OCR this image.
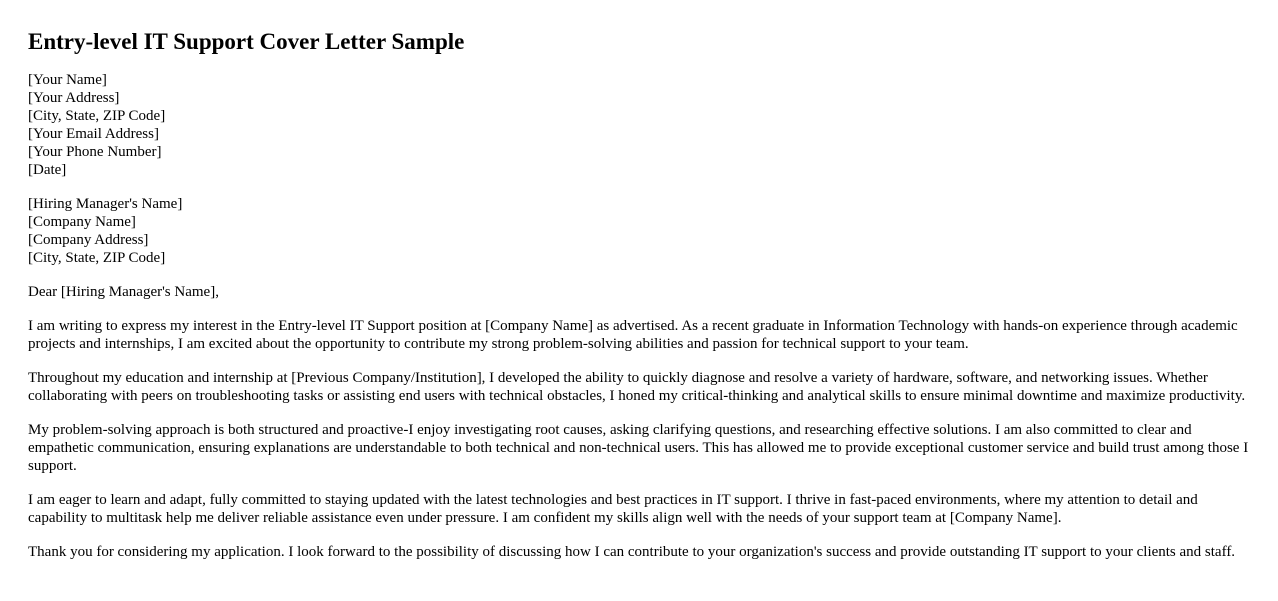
Entry-level IT Support Cover Letter Sample
[Your Name]
[Your Address]
[City, State, ZIP Code]
[Your Email Address]
[Your Phone Number]
[Date]
[Hiring Manager's Name]
[Company Name]
[Company Address]
[City, State, ZIP Code]

Dear [Hiring Manager's Name],

I am writing to express my interest in the Entry-level IT Support position at [Company Name] as advertised. As a recent graduate in Information Technology with hands-on experience through academic projects and internships, I am excited about the opportunity to contribute my strong problem-solving abilities and passion for technical support to your team.

Throughout my education and internship at [Previous Company/Institution], I developed the ability to quickly diagnose and resolve a variety of hardware, software, and networking issues. Whether collaborating with peers on troubleshooting tasks or assisting end users with technical obstacles, I honed my critical-thinking and analytical skills to ensure minimal downtime and maximize productivity.

My problem-solving approach is both structured and proactive-I enjoy investigating root causes, asking clarifying questions, and researching effective solutions. I am also committed to clear and empathetic communication, ensuring explanations are understandable to both technical and non-technical users. This has allowed me to provide exceptional customer service and build trust among those I support.

I am eager to learn and adapt, fully committed to staying updated with the latest technologies and best practices in IT support. I thrive in fast-paced environments, where my attention to detail and capability to multitask help me deliver reliable assistance even under pressure. I am confident my skills align well with the needs of your support team at [Company Name].

Thank you for considering my application. I look forward to the possibility of discussing how I can contribute to your organization's success and provide outstanding IT support to your clients and staff.
